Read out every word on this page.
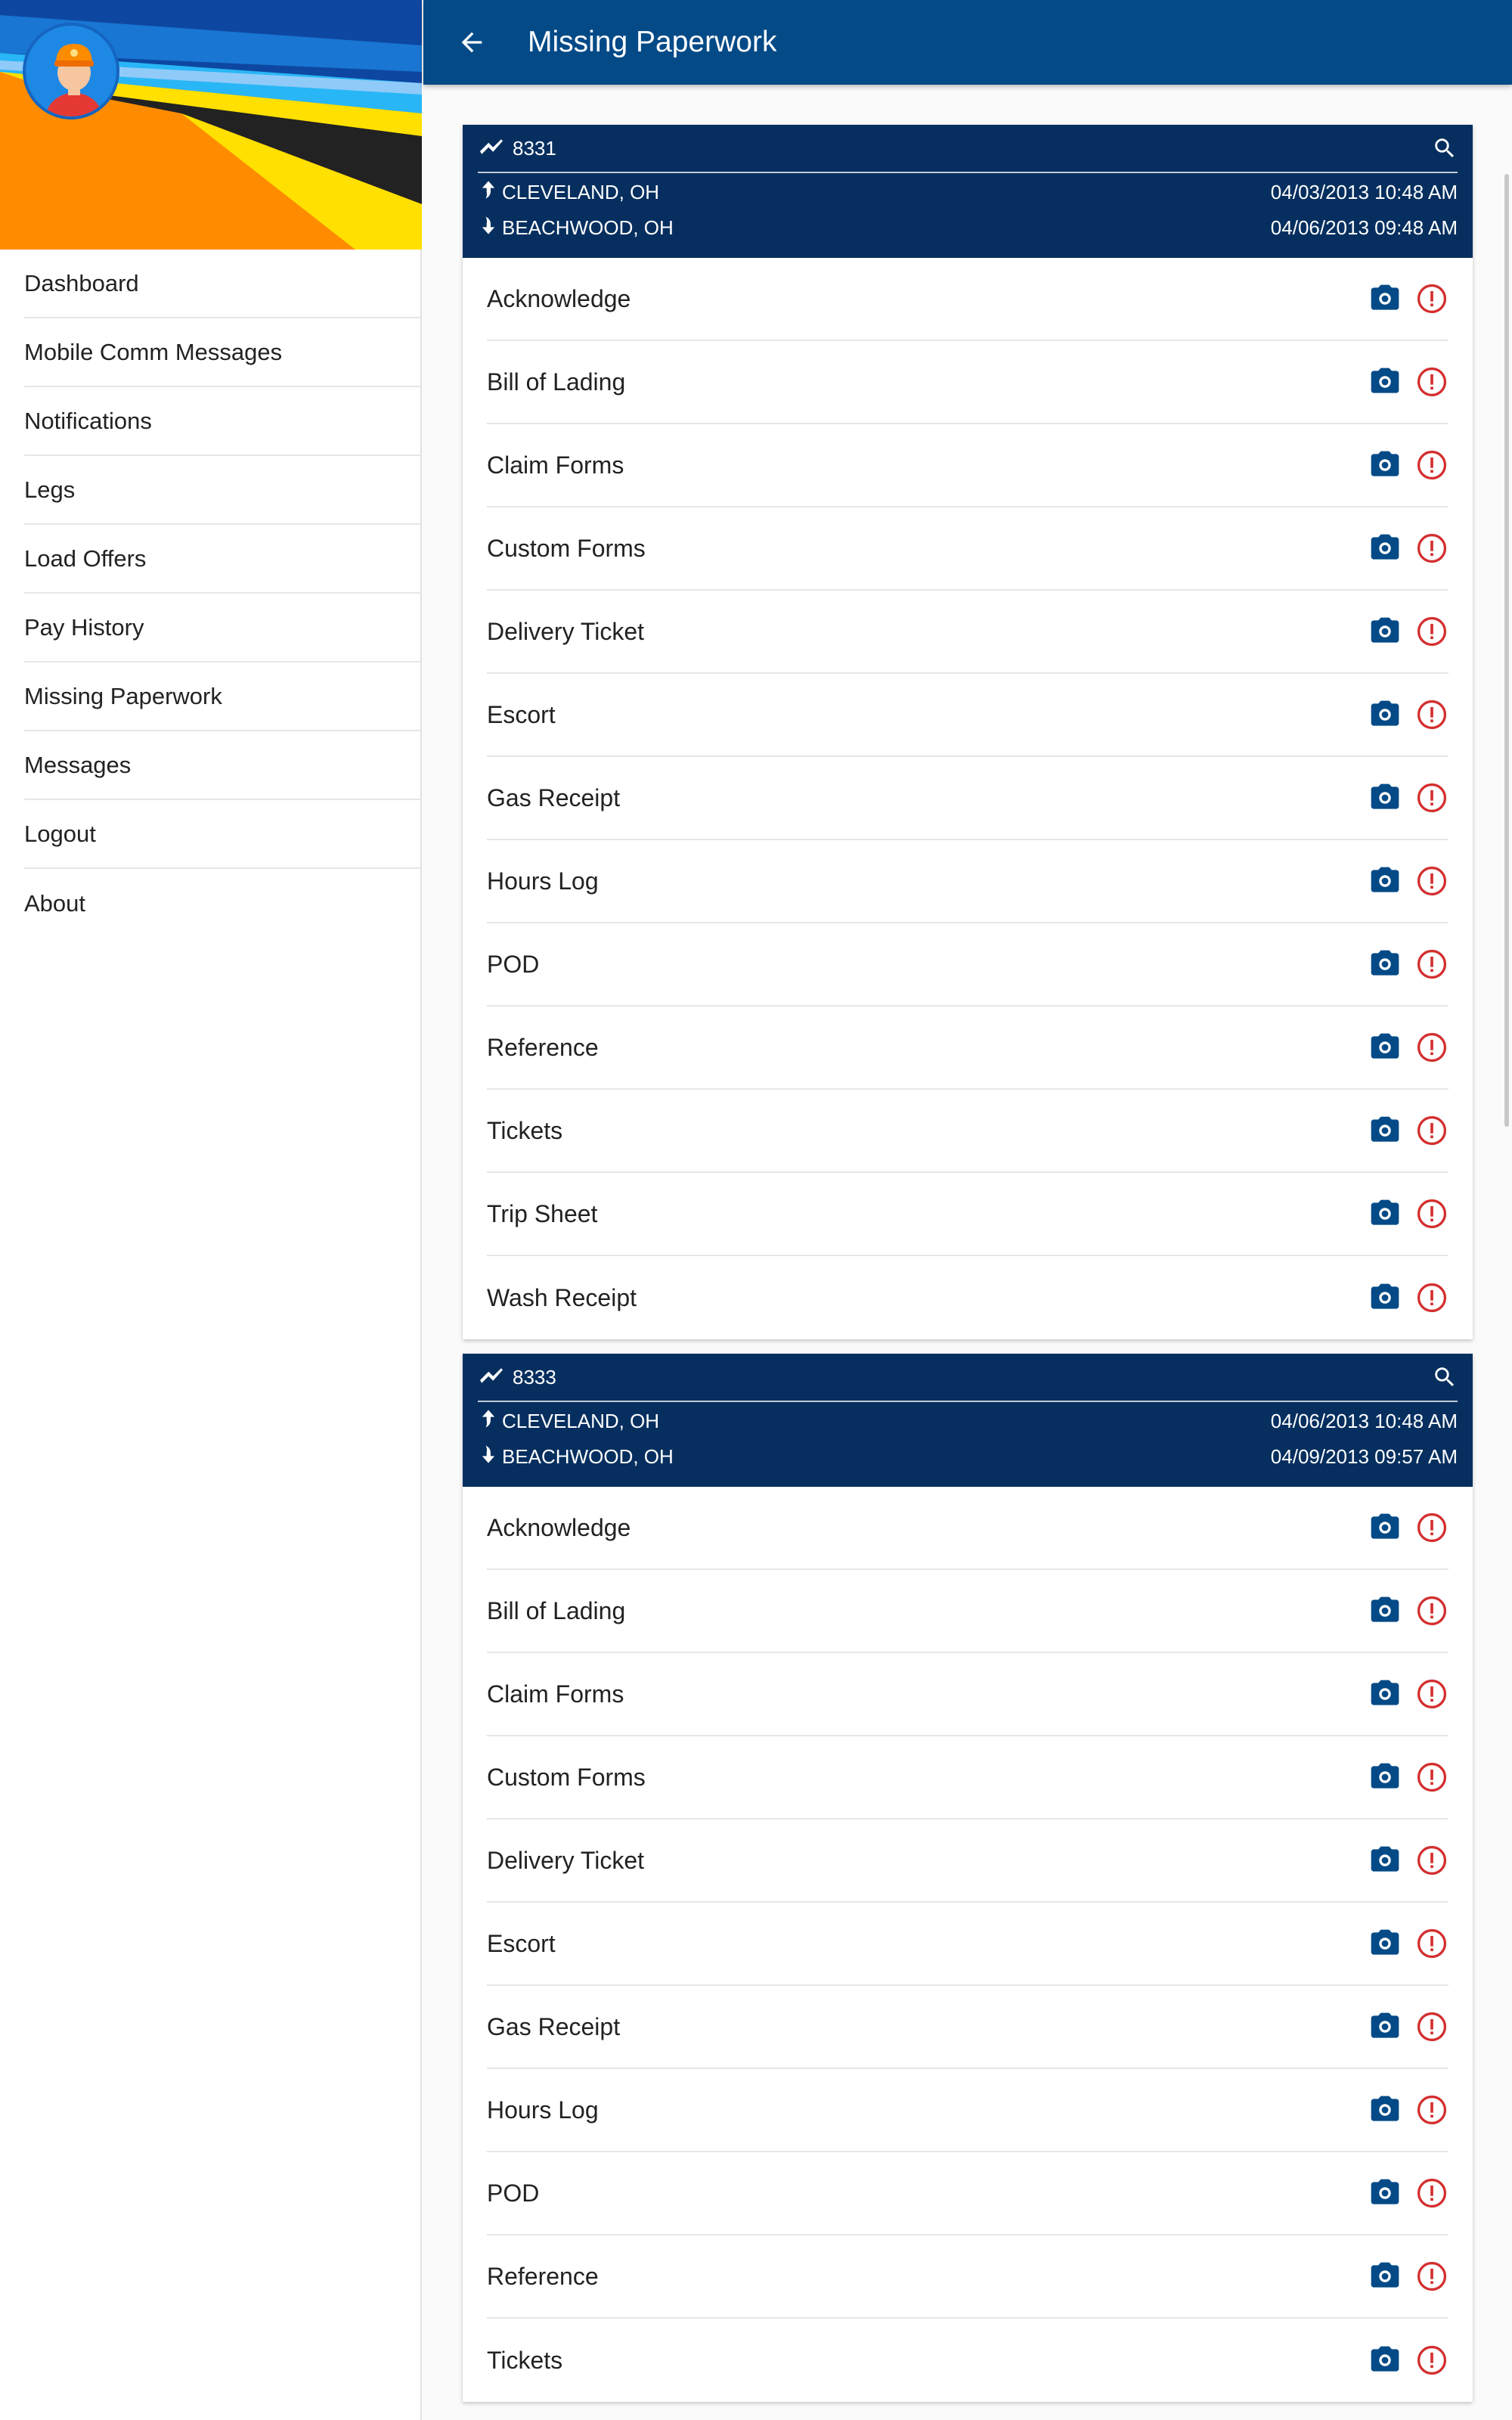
Dashboard
Mobile Comm Messages
Notifications
Legs
Load Offers
Pay History
Missing Paperwork
Messages
Logout
About
Missing Paperwork
8331
CLEVELAND, OH	04/03/2013 10:48 AM
BEACHWOOD, OH	04/06/2013 09:48 AM
Acknowledge
Bill of Lading
Claim Forms
Custom Forms
Delivery Ticket
Escort
Gas Receipt
Hours Log
POD
Reference
Tickets
Trip Sheet
Wash Receipt
8333
CLEVELAND, OH	04/06/2013 10:48 AM
BEACHWOOD, OH	04/09/2013 09:57 AM
Acknowledge
Bill of Lading
Claim Forms
Custom Forms
Delivery Ticket
Escort
Gas Receipt
Hours Log
POD
Reference
Tickets
